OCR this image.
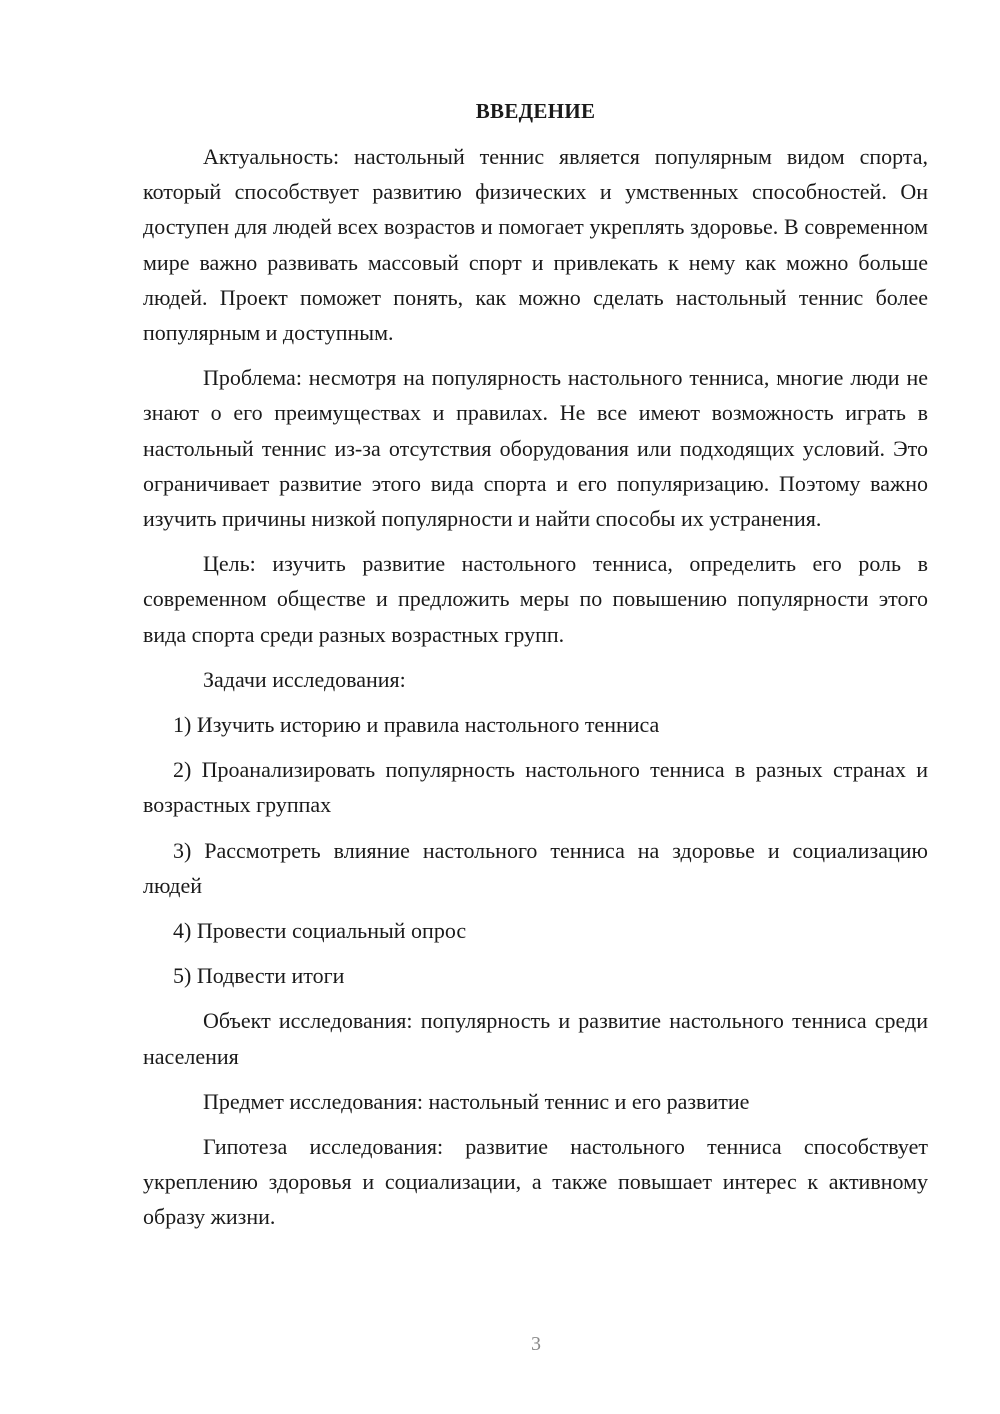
ВВЕДЕНИЕ

Актуальность: настольный теннис является популярным видом спорта, который способствует развитию физических и умственных способностей. Он доступен для людей всех возрастов и помогает укреплять здоровье. В современном мире важно развивать массовый спорт и привлекать к нему как можно больше людей. Проект поможет понять, как можно сделать настольный теннис более популярным и доступным.

Проблема: несмотря на популярность настольного тенниса, многие люди не знают о его преимуществах и правилах. Не все имеют возможность играть в настольный теннис из-за отсутствия оборудования или подходящих условий. Это ограничивает развитие этого вида спорта и его популяризацию. Поэтому важно изучить причины низкой популярности и найти способы их устранения.

Цель: изучить развитие настольного тенниса, определить его роль в современном обществе и предложить меры по повышению популярности этого вида спорта среди разных возрастных групп.

Задачи исследования:

1) Изучить историю и правила настольного тенниса

2) Проанализировать популярность настольного тенниса в разных странах и возрастных группах

3) Рассмотреть влияние настольного тенниса на здоровье и социализацию людей

4) Провести социальный опрос

5) Подвести итоги

Объект исследования: популярность и развитие настольного тенниса среди населения

Предмет исследования: настольный теннис и его развитие

Гипотеза исследования: развитие настольного тенниса способствует укреплению здоровья и социализации, а также повышает интерес к активному образу жизни.

3
